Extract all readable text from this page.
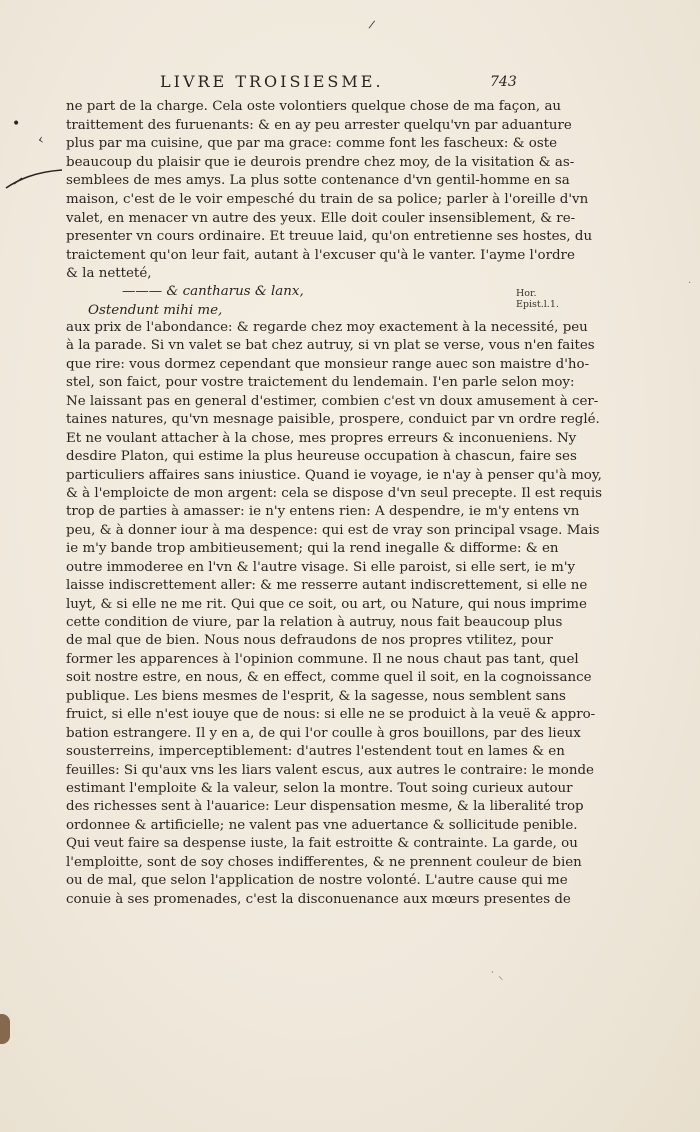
/
LIVRE TROISIESME.	743
•
‹
ne part de la charge. Cela oste volontiers quelque chose de ma façon, au
traittement des furuenants: & en ay peu arrester quelqu'vn par aduanture
plus par ma cuisine, que par ma grace: comme font les fascheux: & oste
beaucoup du plaisir que ie deurois prendre chez moy, de la visitation & as-
semblees de mes amys. La plus sotte contenance d'vn gentil-homme en sa
maison, c'est de le voir empesché du train de sa police; parler à l'oreille d'vn
valet, en menacer vn autre des yeux. Elle doit couler insensiblement, & re-
presenter vn cours ordinaire. Et treuue laid, qu'on entretienne ses hostes, du
traictement qu'on leur fait, autant à l'excuser qu'à le vanter. I'ayme l'ordre
& la netteté,
——— & cantharus & lanx,
Ostendunt mihi me,
Hor.
Epist.l.1.
·
aux prix de l'abondance: & regarde chez moy exactement à la necessité, peu
à la parade. Si vn valet se bat chez autruy, si vn plat se verse, vous n'en faites
que rire: vous dormez cependant que monsieur range auec son maistre d'ho-
stel, son faict, pour vostre traictement du lendemain. I'en parle selon moy:
Ne laissant pas en general d'estimer, combien c'est vn doux amusement à cer-
taines natures, qu'vn mesnage paisible, prospere, conduict par vn ordre reglé.
Et ne voulant attacher à la chose, mes propres erreurs & inconueniens. Ny
desdire Platon, qui estime la plus heureuse occupation à chascun, faire ses
particuliers affaires sans iniustice. Quand ie voyage, ie n'ay à penser qu'à moy,
& à l'emploicte de mon argent: cela se dispose d'vn seul precepte. Il est requis
trop de parties à amasser: ie n'y entens rien: A despendre, ie m'y entens vn
peu, & à donner iour à ma despence: qui est de vray son principal vsage. Mais
ie m'y bande trop ambitieusement; qui la rend inegalle & difforme: & en
outre immoderee en l'vn & l'autre visage. Si elle paroist, si elle sert, ie m'y
laisse indiscrettement aller: & me resserre autant indiscrettement, si elle ne
luyt, & si elle ne me rit. Qui que ce soit, ou art, ou Nature, qui nous imprime
cette condition de viure, par la relation à autruy, nous fait beaucoup plus
de mal que de bien. Nous nous defraudons de nos propres vtilitez, pour
former les apparences à l'opinion commune. Il ne nous chaut pas tant, quel
soit nostre estre, en nous, & en effect, comme quel il soit, en la cognoissance
publique. Les biens mesmes de l'esprit, & la sagesse, nous semblent sans
fruict, si elle n'est iouye que de nous: si elle ne se produict à la veuë & appro-
bation estrangere. Il y en a, de qui l'or coulle à gros bouillons, par des lieux
sousterreins, imperceptiblement: d'autres l'estendent tout en lames & en
feuilles: Si qu'aux vns les liars valent escus, aux autres le contraire: le monde
estimant l'emploite & la valeur, selon la montre. Tout soing curieux autour
des richesses sent à l'auarice: Leur dispensation mesme, & la liberalité trop
ordonnee & artificielle; ne valent pas vne aduertance & sollicitude penible.
Qui veut faire sa despense iuste, la fait estroitte & contrainte. La garde, ou
l'emploitte, sont de soy choses indifferentes, & ne prennent couleur de bien
ou de mal, que selon l'application de nostre volonté. L'autre cause qui me
conuie à ses promenades, c'est la disconuenance aux mœurs presentes de
˙ ⸜
